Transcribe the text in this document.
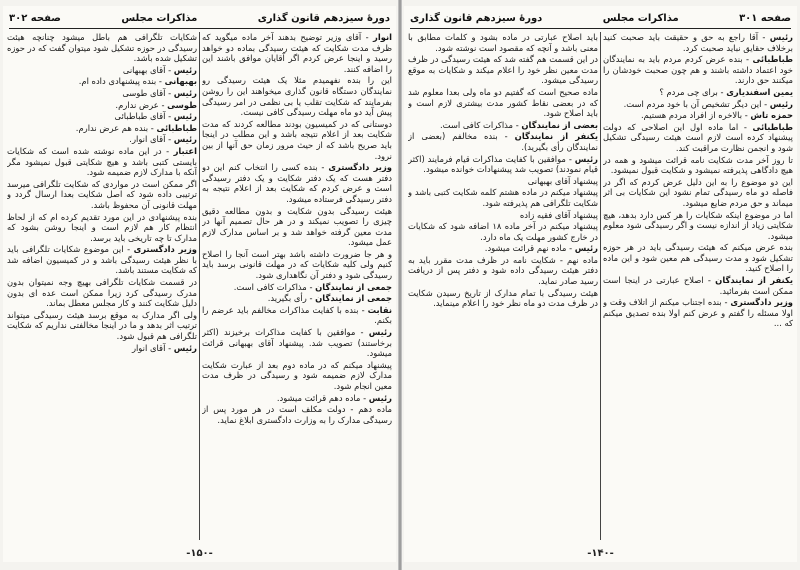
دورهٔ سیزدهم قانون گذاری
مذاکرات مجلس
صفحه ۳۰۲

انوار - آقای وزیر توضیح بدهند آخر ماده میگوید که ظرف مدت شکایت که هیئت رسیدگی بماده دو خواهد رسید و اینجا عرض کردم اگر آقایان موافق باشند این را اضافه کنند.

این را بنده نفهمیدم مثلا یک هیئت رسیدگی رو نمایندگان دستگاه قانون گذاری میخواهند این را روشن بفرمایند که شکایت تقلب یا بی نظمی در امر رسیدگی پیش آید دو ماه مهلت رسیدگی کافی نیست.

دوستانی که در کمیسیون بودند مطالعه کردند که مدت شکایت بعد از اعلام نتیجه باشد و این مطلب در اینجا باید صریح باشد که از حیث مرور زمان حق آنها از بین نرود.

وزیر دادگستری - بنده کسی را انتخاب کنم این دو دفتر هست که یک دفتر شکایت و یک دفتر رسیدگی است و عرض کردم که شکایت بعد از اعلام نتیجه به دفتر رسیدگی فرستاده میشود.

هیئت رسیدگی بدون شکایت و بدون مطالعه دقیق چیزی را تصویب نمیکند و در هر حال تصمیم آنها در مدت معین گرفته خواهد شد و بر اساس مدارک لازم عمل میشود.

و هر جا ضرورت داشته باشد بهتر است آنجا را اصلاح کنیم ولی کلیه شکایات که در مهلت قانونی برسد باید رسیدگی شود و دفتر آن نگاهداری شود.

جمعی از نمایندگان - مذاکرات کافی است.

جمعی از نمایندگان - رأی بگیرید.

نقابت - بنده با کفایت مذاکرات مخالفم باید عرضم را بکنم.

رئیس - موافقین با کفایت مذاکرات برخیزند (اکثر برخاستند) تصویب شد. پیشنهاد آقای بهبهانی قرائت میشود.

پیشنهاد میکنم که در ماده دوم بعد از عبارت شکایت مدارک لازم ضمیمه شود و رسیدگی در ظرف مدت معین انجام شود.

رئیس - ماده دهم قرائت میشود.

ماده دهم - دولت مکلف است در هر مورد پس از رسیدگی مدارک را به وزارت دادگستری ابلاغ نماید.

شکایات تلگرافی هم باطل میشود چنانچه هیئت رسیدگی در حوزه تشکیل شود میتوان گفت که در حوزه تشکیل شده باشد.

رئیس - آقای بهبهانی

بهبهانی - بنده پیشنهادی داده ام.

رئیس - آقای طوسی

طوسی - عرض ندارم.

رئیس - آقای طباطبائی

طباطبائی - بنده هم عرض ندارم.

رئیس - آقای انوار.

اعتبار - در این ماده نوشته شده است که شکایات بایستی کتبی باشد و هیچ شکایتی قبول نمیشود مگر آنکه با مدارک لازم ضمیمه شود.

اگر ممکن است در مواردی که شکایت تلگرافی میرسد ترتیبی داده شود که اصل شکایت بعدا ارسال گردد و مهلت قانونی آن محفوظ باشد.

بنده پیشنهادی در این مورد تقدیم کرده ام که از لحاظ انتظام کار هم لازم است و اینجا روشن بشود که مدارک تا چه تاریخی باید برسد.

وزیر دادگستری - این موضوع شکایات تلگرافی باید با نظر هیئت رسیدگی باشد و در کمیسیون اضافه شد که شکایت مستند باشد.

در قسمت شکایات تلگرافی بهیچ وجه نمیتوان بدون مدرک رسیدگی کرد زیرا ممکن است عده ای بدون دلیل شکایت کنند و کار مجلس معطل بماند.

ولی اگر مدارک به موقع برسد هیئت رسیدگی میتواند ترتیب اثر بدهد و ما در اینجا مخالفتی نداریم که شکایت تلگرافی هم قبول شود.

رئیس - آقای انوار

-۱۵۰-
صفحه ۳۰۱
مذاکرات مجلس
دورهٔ سیزدهم قانون گذاری

رئیس - آقا راجع به حق و حقیقت باید صحبت کنید برخلاف حقایق نباید صحبت کرد.

طباطبائی - بنده عرض کردم مردم باید به نمایندگان خود اعتماد داشته باشند و هم چون صحبت خودشان را میکنند حق دارند.

یمین اسفندیاری - برای چی مردم ؟

رئیس - این دیگر تشخیص آن با خود مردم است.

حمزه تاش - بالاخره از افراد مردم هستیم.

طباطبائی - اما ماده اول این اصلاحی که دولت پیشنهاد کرده است لازم است هیئت رسیدگی تشکیل شود و انجمن نظارت مراقبت کند.

تا روز آخر مدت شکایت نامه قرائت میشود و همه در هیچ دادگاهی پذیرفته نمیشود و شکایت قبول نمیشود.

این دو موضوع را به این دلیل عرض کردم که اگر در فاصله دو ماه رسیدگی تمام نشود این شکایات بی اثر میماند و حق مردم ضایع میشود.

اما در موضوع اینکه شکایات را هر کس دارد بدهد، هیچ شکایتی زیاد از اندازه نیست و اگر رسیدگی شود معلوم میشود.

بنده عرض میکنم که هیئت رسیدگی باید در هر حوزه تشکیل شود و مدت رسیدگی هم معین شود و این ماده را اصلاح کنید.

یکنفر از نمایندگان - اصلاح عبارتی در اینجا است ممکن است بفرمائید.

وزیر دادگستری - بنده اجتناب میکنم از اتلاف وقت و اولا مسئله را گفتم و عرض کنم اولا بنده تصدیق میکنم که ...

باید اصلاح عبارتی در ماده بشود و کلمات مطابق با معنی باشد و آنچه که مقصود است نوشته شود.

در این قسمت هم گفته شد که هیئت رسیدگی در ظرف مدت معین نظر خود را اعلام میکند و شکایات به موقع رسیدگی میشود.

ماده صحیح است که گفتیم دو ماه ولی بعدا معلوم شد که در بعضی نقاط کشور مدت بیشتری لازم است و باید اصلاح شود.

بعضی از نمایندگان - مذاکرات کافی است.

یکنفر از نمایندگان - بنده مخالفم (بعضی از نمایندگان رأی بگیرید).

رئیس - موافقین با کفایت مذاکرات قیام فرمایند (اکثر قیام نمودند) تصویب شد پیشنهادات خوانده میشود.

پیشنهاد آقای بهبهانی

پیشنهاد میکنم در ماده هشتم کلمه شکایت کتبی باشد و شکایت تلگرافی هم پذیرفته شود.

پیشنهاد آقای فقیه زاده

پیشنهاد میکنم در آخر ماده ۱۸ اضافه شود که شکایات در خارج کشور مهلت یک ماه دارد.

رئیس - ماده نهم قرائت میشود.

ماده نهم - شکایت نامه در ظرف مدت مقرر باید به دفتر هیئت رسیدگی داده شود و دفتر پس از دریافت رسید صادر نماید.

هیئت رسیدگی با تمام مدارک از تاریخ رسیدن شکایت در ظرف مدت دو ماه نظر خود را اعلام مینماید.

-۱۴۰-
